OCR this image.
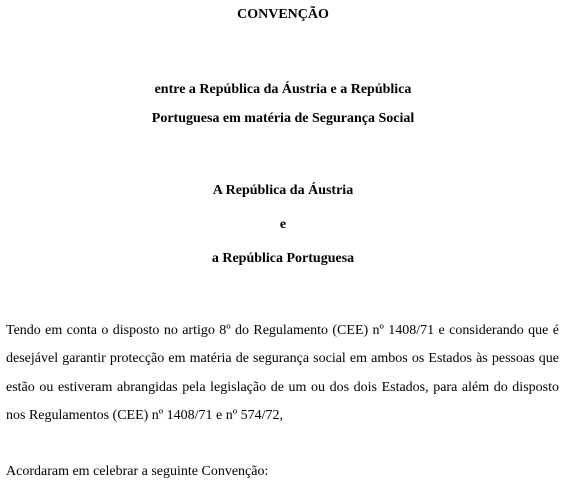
CONVENÇÃO
entre a República da Áustria e a República
Portuguesa em matéria de Segurança Social
A República da Áustria
e
a República Portuguesa
Tendo em conta o disposto no artigo 8º do Regulamento (CEE) nº 1408/71 e considerando que é
desejável garantir protecção em matéria de segurança social em ambos os Estados às pessoas que
estão ou estiveram abrangidas pela legislação de um ou dos dois Estados, para além do disposto
nos Regulamentos (CEE) nº 1408/71 e nº 574/72,
Acordaram em celebrar a seguinte Convenção:
